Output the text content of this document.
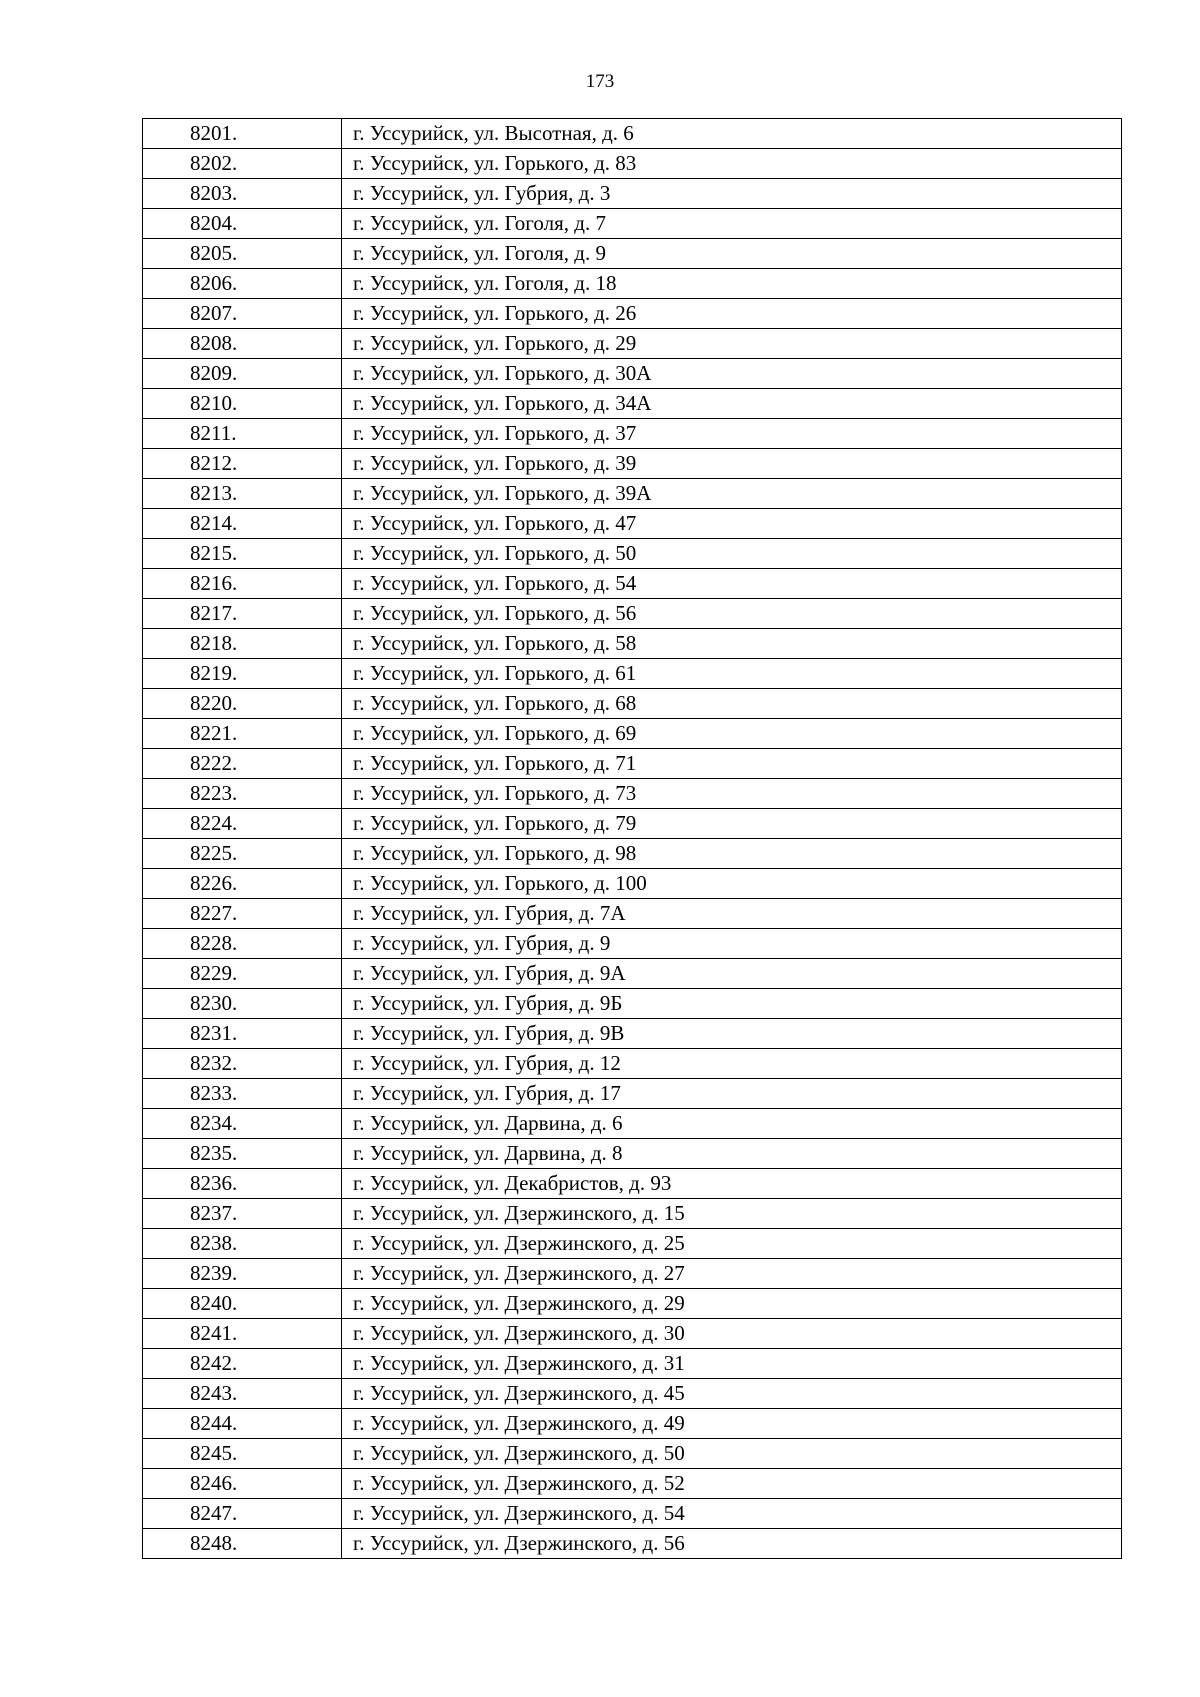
173
8201.	г. Уссурийск, ул. Высотная, д. 6
8202.	г. Уссурийск, ул. Горького, д. 83
8203.	г. Уссурийск, ул. Губрия, д. 3
8204.	г. Уссурийск, ул. Гоголя, д. 7
8205.	г. Уссурийск, ул. Гоголя, д. 9
8206.	г. Уссурийск, ул. Гоголя, д. 18
8207.	г. Уссурийск, ул. Горького, д. 26
8208.	г. Уссурийск, ул. Горького, д. 29
8209.	г. Уссурийск, ул. Горького, д. 30А
8210.	г. Уссурийск, ул. Горького, д. 34А
8211.	г. Уссурийск, ул. Горького, д. 37
8212.	г. Уссурийск, ул. Горького, д. 39
8213.	г. Уссурийск, ул. Горького, д. 39А
8214.	г. Уссурийск, ул. Горького, д. 47
8215.	г. Уссурийск, ул. Горького, д. 50
8216.	г. Уссурийск, ул. Горького, д. 54
8217.	г. Уссурийск, ул. Горького, д. 56
8218.	г. Уссурийск, ул. Горького, д. 58
8219.	г. Уссурийск, ул. Горького, д. 61
8220.	г. Уссурийск, ул. Горького, д. 68
8221.	г. Уссурийск, ул. Горького, д. 69
8222.	г. Уссурийск, ул. Горького, д. 71
8223.	г. Уссурийск, ул. Горького, д. 73
8224.	г. Уссурийск, ул. Горького, д. 79
8225.	г. Уссурийск, ул. Горького, д. 98
8226.	г. Уссурийск, ул. Горького, д. 100
8227.	г. Уссурийск, ул. Губрия, д. 7А
8228.	г. Уссурийск, ул. Губрия, д. 9
8229.	г. Уссурийск, ул. Губрия, д. 9А
8230.	г. Уссурийск, ул. Губрия, д. 9Б
8231.	г. Уссурийск, ул. Губрия, д. 9В
8232.	г. Уссурийск, ул. Губрия, д. 12
8233.	г. Уссурийск, ул. Губрия, д. 17
8234.	г. Уссурийск, ул. Дарвина, д. 6
8235.	г. Уссурийск, ул. Дарвина, д. 8
8236.	г. Уссурийск, ул. Декабристов, д. 93
8237.	г. Уссурийск, ул. Дзержинского, д. 15
8238.	г. Уссурийск, ул. Дзержинского, д. 25
8239.	г. Уссурийск, ул. Дзержинского, д. 27
8240.	г. Уссурийск, ул. Дзержинского, д. 29
8241.	г. Уссурийск, ул. Дзержинского, д. 30
8242.	г. Уссурийск, ул. Дзержинского, д. 31
8243.	г. Уссурийск, ул. Дзержинского, д. 45
8244.	г. Уссурийск, ул. Дзержинского, д. 49
8245.	г. Уссурийск, ул. Дзержинского, д. 50
8246.	г. Уссурийск, ул. Дзержинского, д. 52
8247.	г. Уссурийск, ул. Дзержинского, д. 54
8248.	г. Уссурийск, ул. Дзержинского, д. 56
